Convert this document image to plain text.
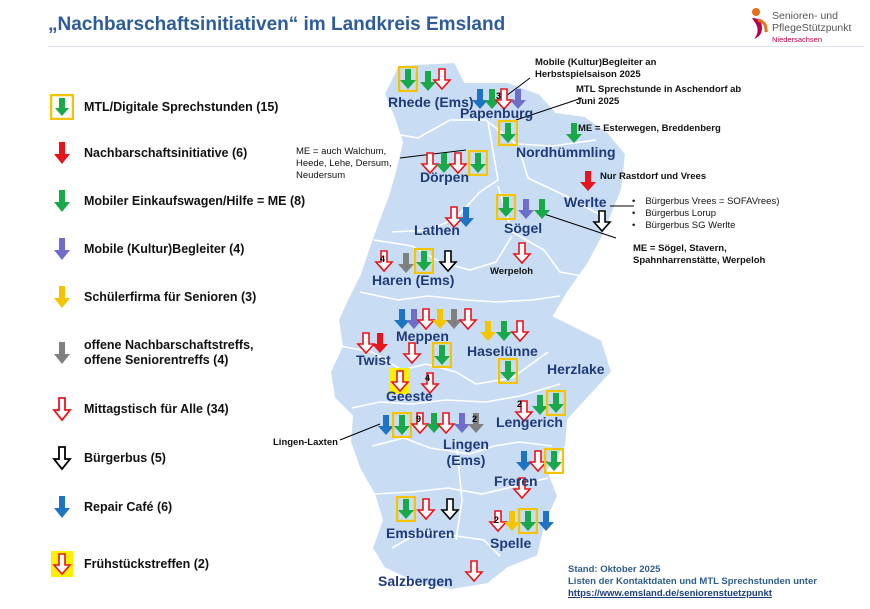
„Nachbarschaftsinitiativen“ im Landkreis Emsland	Senioren- und
PflegeStützpunkt
Niedersachsen
MTL/Digitale Sprechstunden (15)
Nachbarschaftsinitiative (6)
Mobiler Einkaufswagen/Hilfe = ME (8)
Mobile (Kultur)Begleiter (4)
Schülerfirma für Senioren (3)
offene Nachbarschaftstreffs, offene Seniorentreffs (4)
Mittagstisch für Alle (34)
Bürgerbus (5)
Repair Café (6)
Frühstückstreffen (2)
Rhede (Ems)
Papenburg
Nordhümmling
Dörpen
Werlte
Lathen	Sögel
Haren (Ems)
Meppen
Twist
Haselünne
Herzlake
Geeste
Lengerich
Lingen (Ems)
Freren
Emsbüren
Spelle
Salzbergen
Mobile (Kultur)Begleiter an Herbstspielsaison 2025
MTL Sprechstunde in Aschendorf ab Juni 2025
ME = Esterwegen, Breddenberg
ME = auch Walchum, Heede, Lehe, Dersum, Neudersum	Nur Rastdorf und Vrees
• Bürgerbus Vrees = SOFAVrees)
• Bürgerbus Lorup
• Bürgerbus SG Werlte
ME = Sögel, Stavern, Spahnharrenstätte, Werpeloh
Werpeloh
Lingen-Laxten
3
4
4
9	2
2
2
Stand: Oktober 2025
Listen der Kontaktdaten und MTL Sprechstunden unter
https://www.emsland.de/seniorenstuetzpunkt
